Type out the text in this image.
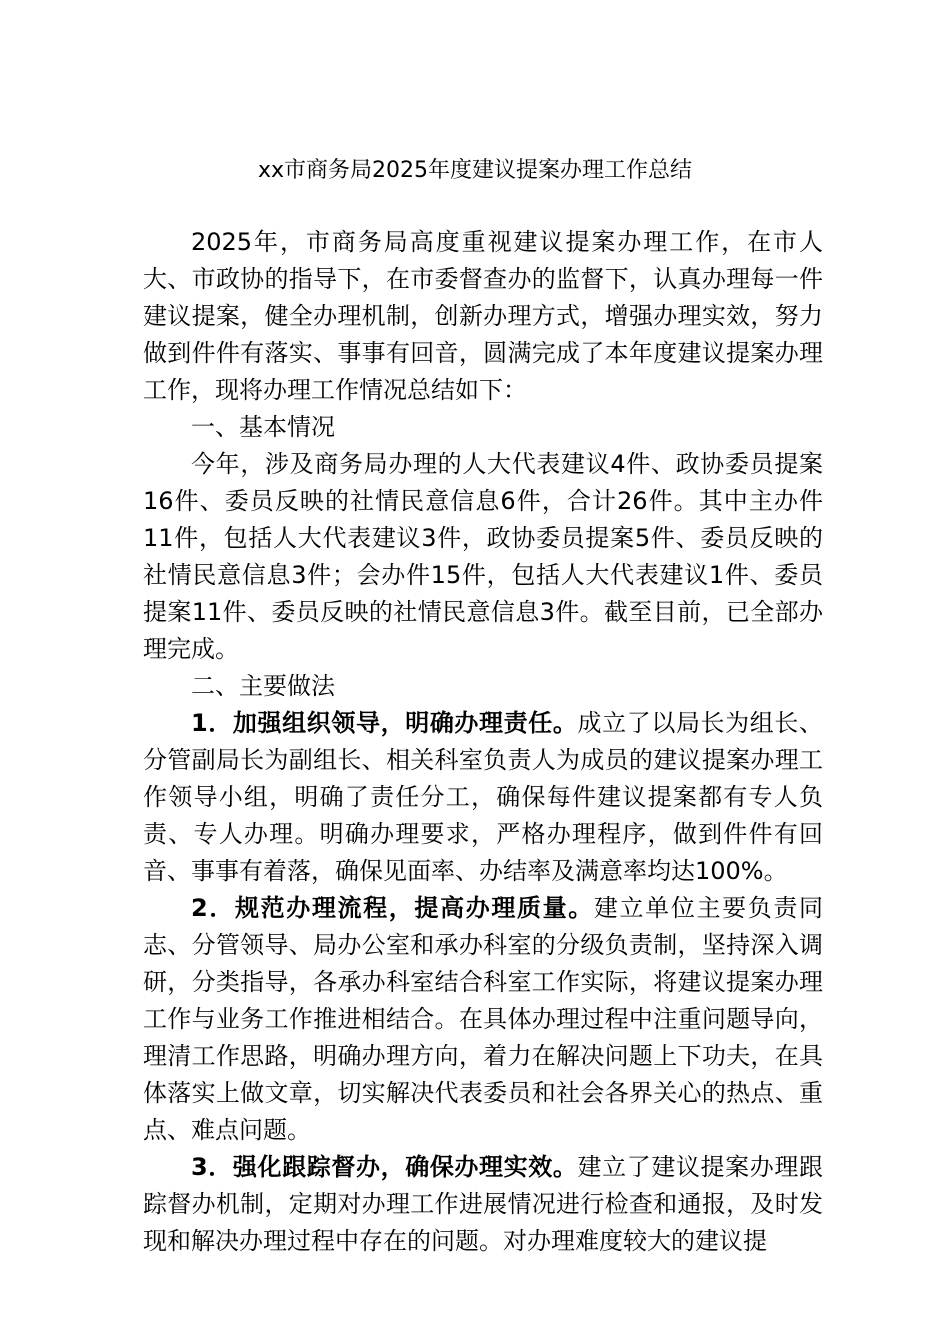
xx市商务局2025年度建议提案办理工作总结

2025年，市商务局高度重视建议提案办理工作，在市人大、市政协的指导下，在市委督查办的监督下，认真办理每一件建议提案，健全办理机制，创新办理方式，增强办理实效，努力做到件件有落实、事事有回音，圆满完成了本年度建议提案办理工作，现将办理工作情况总结如下：

一、基本情况

今年，涉及商务局办理的人大代表建议4件、政协委员提案16件、委员反映的社情民意信息6件，合计26件。其中主办件11件，包括人大代表建议3件，政协委员提案5件、委员反映的社情民意信息3件；会办件15件，包括人大代表建议1件、委员提案11件、委员反映的社情民意信息3件。截至目前，已全部办理完成。

二、主要做法

1．加强组织领导，明确办理责任。成立了以局长为组长、分管副局长为副组长、相关科室负责人为成员的建议提案办理工作领导小组，明确了责任分工，确保每件建议提案都有专人负责、专人办理。明确办理要求，严格办理程序，做到件件有回音、事事有着落，确保见面率、办结率及满意率均达100%。

2．规范办理流程，提高办理质量。建立单位主要负责同志、分管领导、局办公室和承办科室的分级负责制，坚持深入调研，分类指导，各承办科室结合科室工作实际，将建议提案办理工作与业务工作推进相结合。在具体办理过程中注重问题导向，理清工作思路，明确办理方向，着力在解决问题上下功夫，在具体落实上做文章，切实解决代表委员和社会各界关心的热点、重点、难点问题。

3．强化跟踪督办，确保办理实效。建立了建议提案办理跟踪督办机制，定期对办理工作进展情况进行检查和通报，及时发现和解决办理过程中存在的问题。对办理难度较大的建议提
